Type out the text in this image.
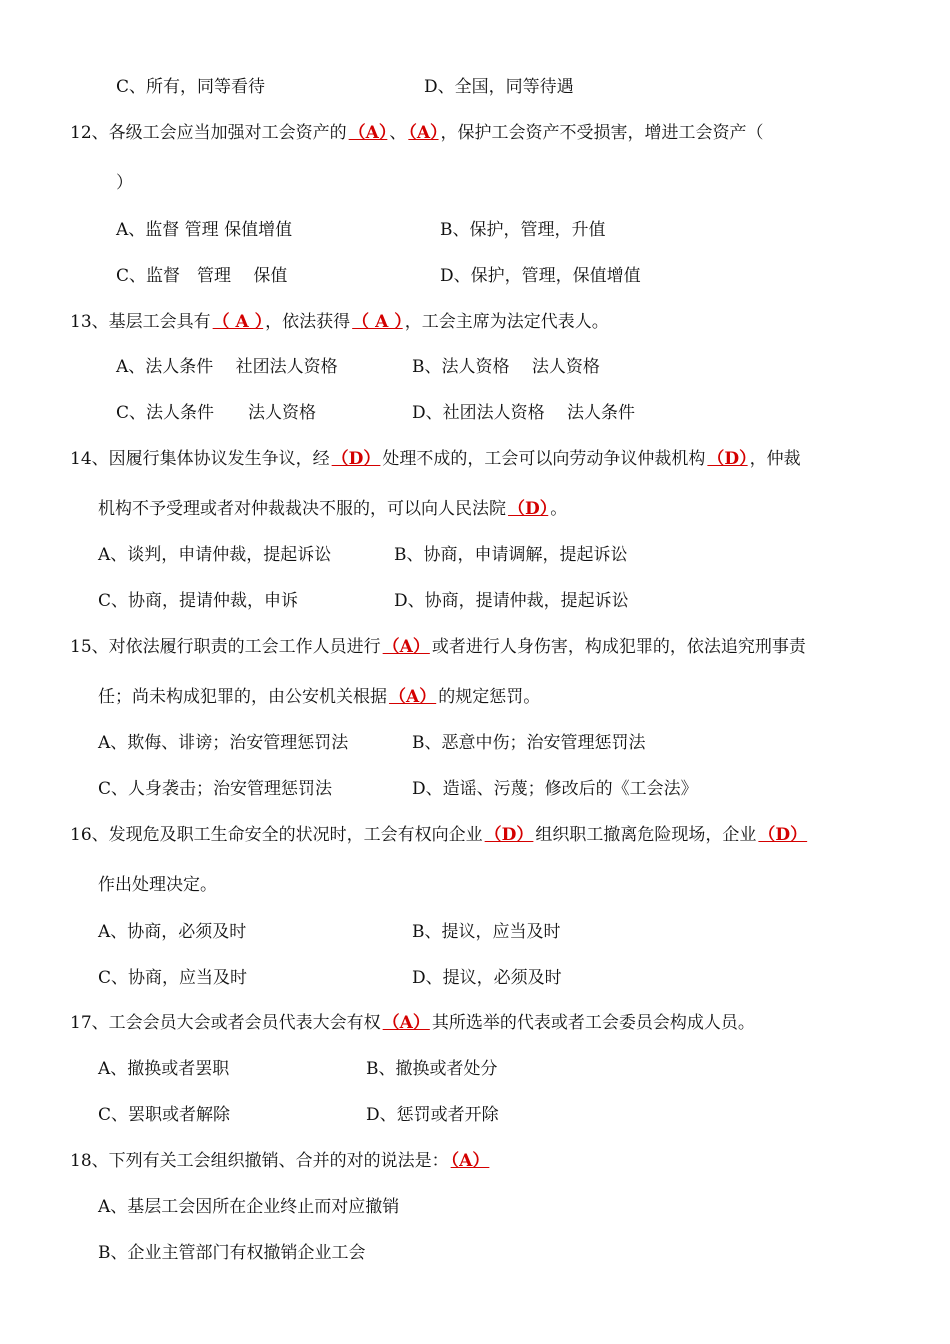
C、所有，同等看待	D、全国，同等待遇
12、各级工会应当加强对工会资产的 （A） 、 （A） ，保护工会资产不受损害，增进工会资产（
）
A、监督 管理 保值增值	B、保护，管理，升值
C、监督　管理　 保值	D、保护，管理，保值增值
13、基层工会具有 （ A ） ，依法获得 （ A ） ，工会主席为法定代表人。
A、法人条件　 社团法人资格	B、法人资格　 法人资格
C、法人条件　　法人资格	D、社团法人资格　 法人条件
14、因履行集体协议发生争议，经 （D） 处理不成的，工会可以向劳动争议仲裁机构 （D） ，仲裁
机构不予受理或者对仲裁裁决不服的，可以向人民法院 （D） 。
A、谈判，申请仲裁，提起诉讼	B、协商，申请调解，提起诉讼
C、协商，提请仲裁，申诉	D、协商，提请仲裁，提起诉讼
15、对依法履行职责的工会工作人员进行 （A） 或者进行人身伤害，构成犯罪的，依法追究刑事责
任；尚未构成犯罪的，由公安机关根据 （A） 的规定惩罚。
A、欺侮、诽谤；治安管理惩罚法	B、恶意中伤；治安管理惩罚法
C、人身袭击；治安管理惩罚法	D、造谣、污蔑；修改后的《工会法》
16、发现危及职工生命安全的状况时，工会有权向企业 （D） 组织职工撤离危险现场，企业 （D）
作出处理决定。
A、协商，必须及时	B、提议，应当及时
C、协商，应当及时	D、提议，必须及时
17、工会会员大会或者会员代表大会有权 （A） 其所选举的代表或者工会委员会构成人员。
A、撤换或者罢职	B、撤换或者处分
C、罢职或者解除	D、惩罚或者开除
18、下列有关工会组织撤销、合并的对的说法是： （A）
A、基层工会因所在企业终止而对应撤销
B、企业主管部门有权撤销企业工会
